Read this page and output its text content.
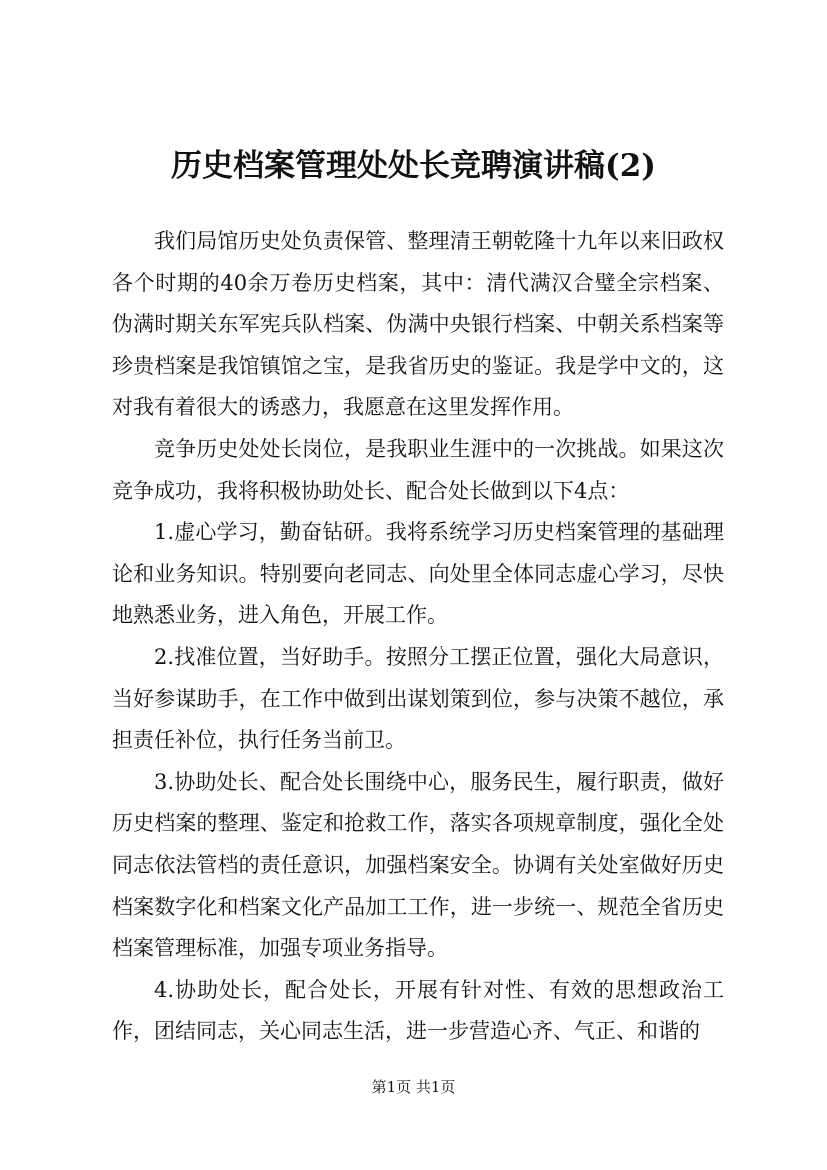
历史档案管理处处长竞聘演讲稿(2)

我们局馆历史处负责保管、整理清王朝乾隆十九年以来旧政权各个时期的40余万卷历史档案，其中：清代满汉合璧全宗档案、伪满时期关东军宪兵队档案、伪满中央银行档案、中朝关系档案等珍贵档案是我馆镇馆之宝，是我省历史的鉴证。我是学中文的，这对我有着很大的诱惑力，我愿意在这里发挥作用。

竞争历史处处长岗位，是我职业生涯中的一次挑战。如果这次竞争成功，我将积极协助处长、配合处长做到以下4点：

1.虚心学习，勤奋钻研。我将系统学习历史档案管理的基础理论和业务知识。特别要向老同志、向处里全体同志虚心学习，尽快地熟悉业务，进入角色，开展工作。

2.找准位置，当好助手。按照分工摆正位置，强化大局意识，当好参谋助手，在工作中做到出谋划策到位，参与决策不越位，承担责任补位，执行任务当前卫。

3.协助处长、配合处长围绕中心，服务民生，履行职责，做好历史档案的整理、鉴定和抢救工作，落实各项规章制度，强化全处同志依法管档的责任意识，加强档案安全。协调有关处室做好历史档案数字化和档案文化产品加工工作，进一步统一、规范全省历史档案管理标准，加强专项业务指导。

4.协助处长，配合处长，开展有针对性、有效的思想政治工作，团结同志，关心同志生活，进一步营造心齐、气正、和谐的

第1页 共1页
